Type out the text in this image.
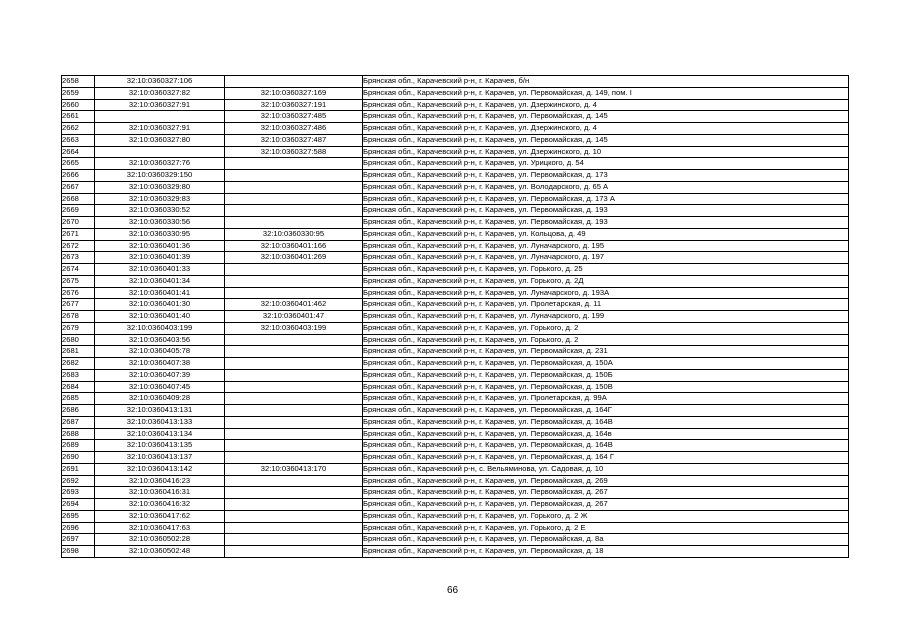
2658	32:10:0360327:106		Брянская обл., Карачевский р-н, г. Карачев, б/н
2659	32:10:0360327:82	32:10:0360327:169	Брянская обл., Карачевский р-н, г. Карачев, ул. Первомайская, д. 149, пом. I
2660	32:10:0360327:91	32:10:0360327:191	Брянская обл., Карачевский р-н, г. Карачев, ул. Дзержинского, д. 4
2661		32:10:0360327:485	Брянская обл., Карачевский р-н, г. Карачев, ул. Первомайская, д. 145
2662	32:10:0360327:91	32:10:0360327:486	Брянская обл., Карачевский р-н, г. Карачев, ул. Дзержинского, д. 4
2663	32:10:0360327:80	32:10:0360327:487	Брянская обл., Карачевский р-н, г. Карачев, ул. Первомайская, д. 145
2664		32:10:0360327:588	Брянская обл., Карачевский р-н, г. Карачев, ул. Дзержинского, д. 10
2665	32:10:0360327:76		Брянская обл., Карачевский р-н, г. Карачев, ул. Урицкого, д. 54
2666	32:10:0360329:150		Брянская обл., Карачевский р-н, г. Карачев, ул. Первомайская, д. 173
2667	32:10:0360329:80		Брянская обл., Карачевский р-н, г. Карачев, ул. Володарского, д. 65 А
2668	32:10:0360329:83		Брянская обл., Карачевский р-н, г. Карачев, ул. Первомайская, д. 173 А
2669	32:10:0360330:52		Брянская обл., Карачевский р-н, г. Карачев, ул. Первомайская, д. 193
2670	32:10:0360330:56		Брянская обл., Карачевский р-н, г. Карачев, ул. Первомайская, д. 193
2671	32:10:0360330:95	32:10:0360330:95	Брянская обл., Карачевский р-н, г. Карачев, ул. Кольцова, д. 49
2672	32:10:0360401:36	32:10:0360401:166	Брянская обл., Карачевский р-н, г. Карачев, ул. Луначарского, д. 195
2673	32:10:0360401:39	32:10:0360401:269	Брянская обл., Карачевский р-н, г. Карачев, ул. Луначарского, д. 197
2674	32:10:0360401:33		Брянская обл., Карачевский р-н, г. Карачев, ул. Горького, д. 25
2675	32:10:0360401:34		Брянская обл., Карачевский р-н, г. Карачев, ул. Горького, д. 2Д
2676	32:10:0360401:41		Брянская обл., Карачевский р-н, г. Карачев, ул. Луначарского, д. 193А
2677	32:10:0360401:30	32:10:0360401:462	Брянская обл., Карачевский р-н, г. Карачев, ул. Пролетарская, д. 11
2678	32:10:0360401:40	32:10:0360401:47	Брянская обл., Карачевский р-н, г. Карачев, ул. Луначарского, д. 199
2679	32:10:0360403:199	32:10:0360403:199	Брянская обл., Карачевский р-н, г. Карачев, ул. Горького, д. 2
2680	32:10:0360403:56		Брянская обл., Карачевский р-н, г. Карачев, ул. Горького, д. 2
2681	32:10:0360405:78		Брянская обл., Карачевский р-н, г. Карачев, ул. Первомайская, д. 231
2682	32:10:0360407:38		Брянская обл., Карачевский р-н, г. Карачев, ул. Первомайская, д. 150А
2683	32:10:0360407:39		Брянская обл., Карачевский р-н, г. Карачев, ул. Первомайская, д. 150Б
2684	32:10:0360407:45		Брянская обл., Карачевский р-н, г. Карачев, ул. Первомайская, д. 150В
2685	32:10:0360409:28		Брянская обл., Карачевский р-н, г. Карачев, ул. Пролетарская, д. 99А
2686	32:10:0360413:131		Брянская обл., Карачевский р-н, г. Карачев, ул. Первомайская, д. 164Г
2687	32:10:0360413:133		Брянская обл., Карачевский р-н, г. Карачев, ул. Первомайская, д. 164В
2688	32:10:0360413:134		Брянская обл., Карачевский р-н, г. Карачев, ул. Первомайская, д. 164в
2689	32:10:0360413:135		Брянская обл., Карачевский р-н, г. Карачев, ул. Первомайская, д. 164В
2690	32:10:0360413:137		Брянская обл., Карачевский р-н, г. Карачев, ул. Первомайская, д. 164 Г
2691	32:10:0360413:142	32:10:0360413:170	Брянская обл., Карачевский р-н, с. Вельяминова, ул. Садовая, д. 10
2692	32:10:0360416:23		Брянская обл., Карачевский р-н, г. Карачев, ул. Первомайская, д. 269
2693	32:10:0360416:31		Брянская обл., Карачевский р-н, г. Карачев, ул. Первомайская, д. 267
2694	32:10:0360416:32		Брянская обл., Карачевский р-н, г. Карачев, ул. Первомайская, д. 267
2695	32:10:0360417:62		Брянская обл., Карачевский р-н, г. Карачев, ул. Горького, д. 2 Ж
2696	32:10:0360417:63		Брянская обл., Карачевский р-н, г. Карачев, ул. Горького, д. 2 Е
2697	32:10:0360502:28		Брянская обл., Карачевский р-н, г. Карачев, ул. Первомайская, д. 8а
2698	32:10:0360502:48		Брянская обл., Карачевский р-н, г. Карачев, ул. Первомайская, д. 18
66
